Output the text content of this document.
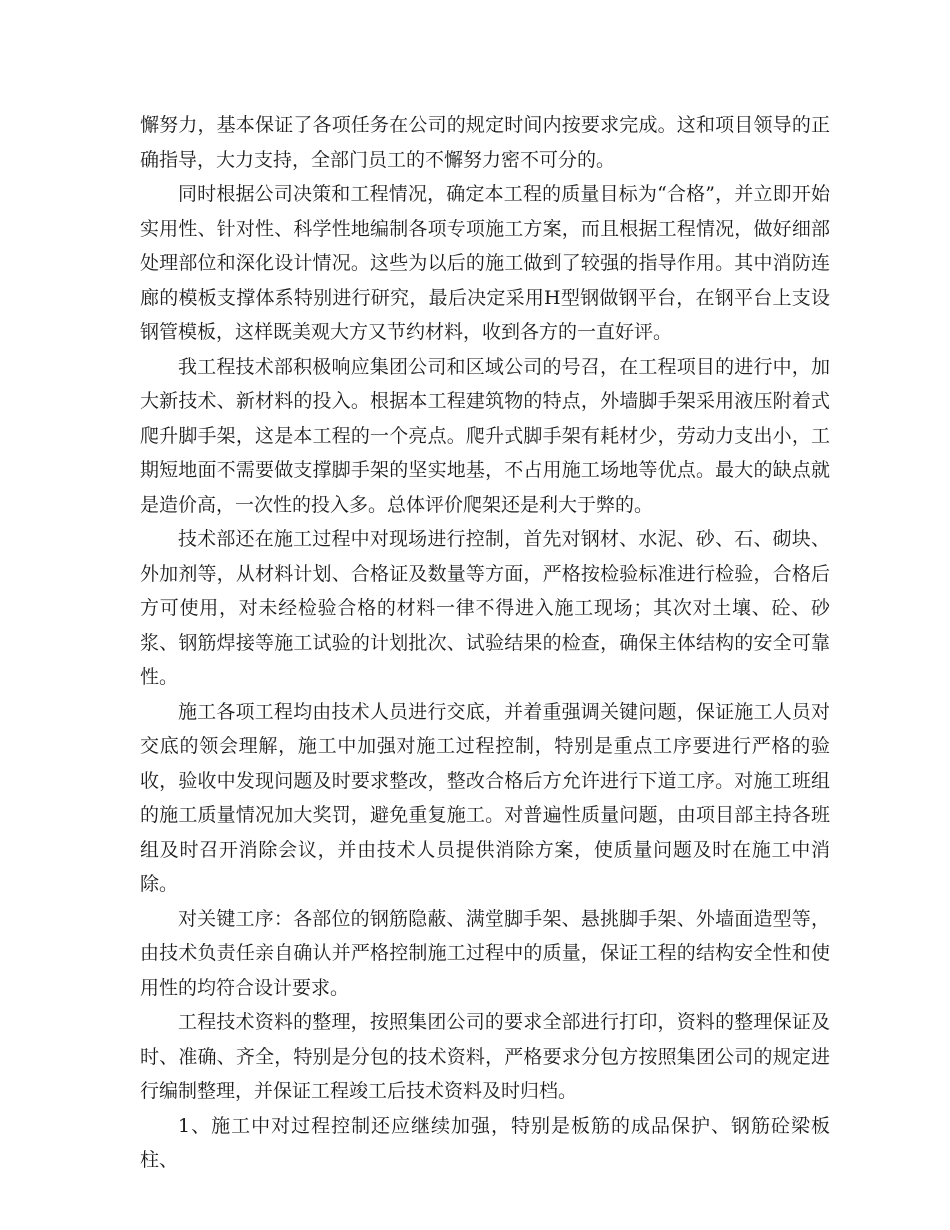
懈努力，基本保证了各项任务在公司的规定时间内按要求完成。这和项目领导的正确指导，大力支持，全部门员工的不懈努力密不可分的。

同时根据公司决策和工程情况，确定本工程的质量目标为“合格”，并立即开始实用性、针对性、科学性地编制各项专项施工方案，而且根据工程情况，做好细部处理部位和深化设计情况。这些为以后的施工做到了较强的指导作用。其中消防连廊的模板支撑体系特别进行研究，最后决定采用H型钢做钢平台，在钢平台上支设钢管模板，这样既美观大方又节约材料，收到各方的一直好评。

我工程技术部积极响应集团公司和区域公司的号召，在工程项目的进行中，加大新技术、新材料的投入。根据本工程建筑物的特点，外墙脚手架采用液压附着式爬升脚手架，这是本工程的一个亮点。爬升式脚手架有耗材少，劳动力支出小，工期短地面不需要做支撑脚手架的坚实地基，不占用施工场地等优点。最大的缺点就是造价高，一次性的投入多。总体评价爬架还是利大于弊的。

技术部还在施工过程中对现场进行控制，首先对钢材、水泥、砂、石、砌块、外加剂等，从材料计划、合格证及数量等方面，严格按检验标准进行检验，合格后方可使用，对未经检验合格的材料一律不得进入施工现场；其次对土壤、砼、砂浆、钢筋焊接等施工试验的计划批次、试验结果的检查，确保主体结构的安全可靠性。

施工各项工程均由技术人员进行交底，并着重强调关键问题，保证施工人员对交底的领会理解，施工中加强对施工过程控制，特别是重点工序要进行严格的验收，验收中发现问题及时要求整改，整改合格后方允许进行下道工序。对施工班组的施工质量情况加大奖罚，避免重复施工。对普遍性质量问题，由项目部主持各班组及时召开消除会议，并由技术人员提供消除方案，使质量问题及时在施工中消除。

对关键工序：各部位的钢筋隐蔽、满堂脚手架、悬挑脚手架、外墙面造型等，由技术负责任亲自确认并严格控制施工过程中的质量，保证工程的结构安全性和使用性的均符合设计要求。

工程技术资料的整理，按照集团公司的要求全部进行打印，资料的整理保证及时、准确、齐全，特别是分包的技术资料，严格要求分包方按照集团公司的规定进行编制整理，并保证工程竣工后技术资料及时归档。

1、施工中对过程控制还应继续加强，特别是板筋的成品保护、钢筋砼梁板柱、
